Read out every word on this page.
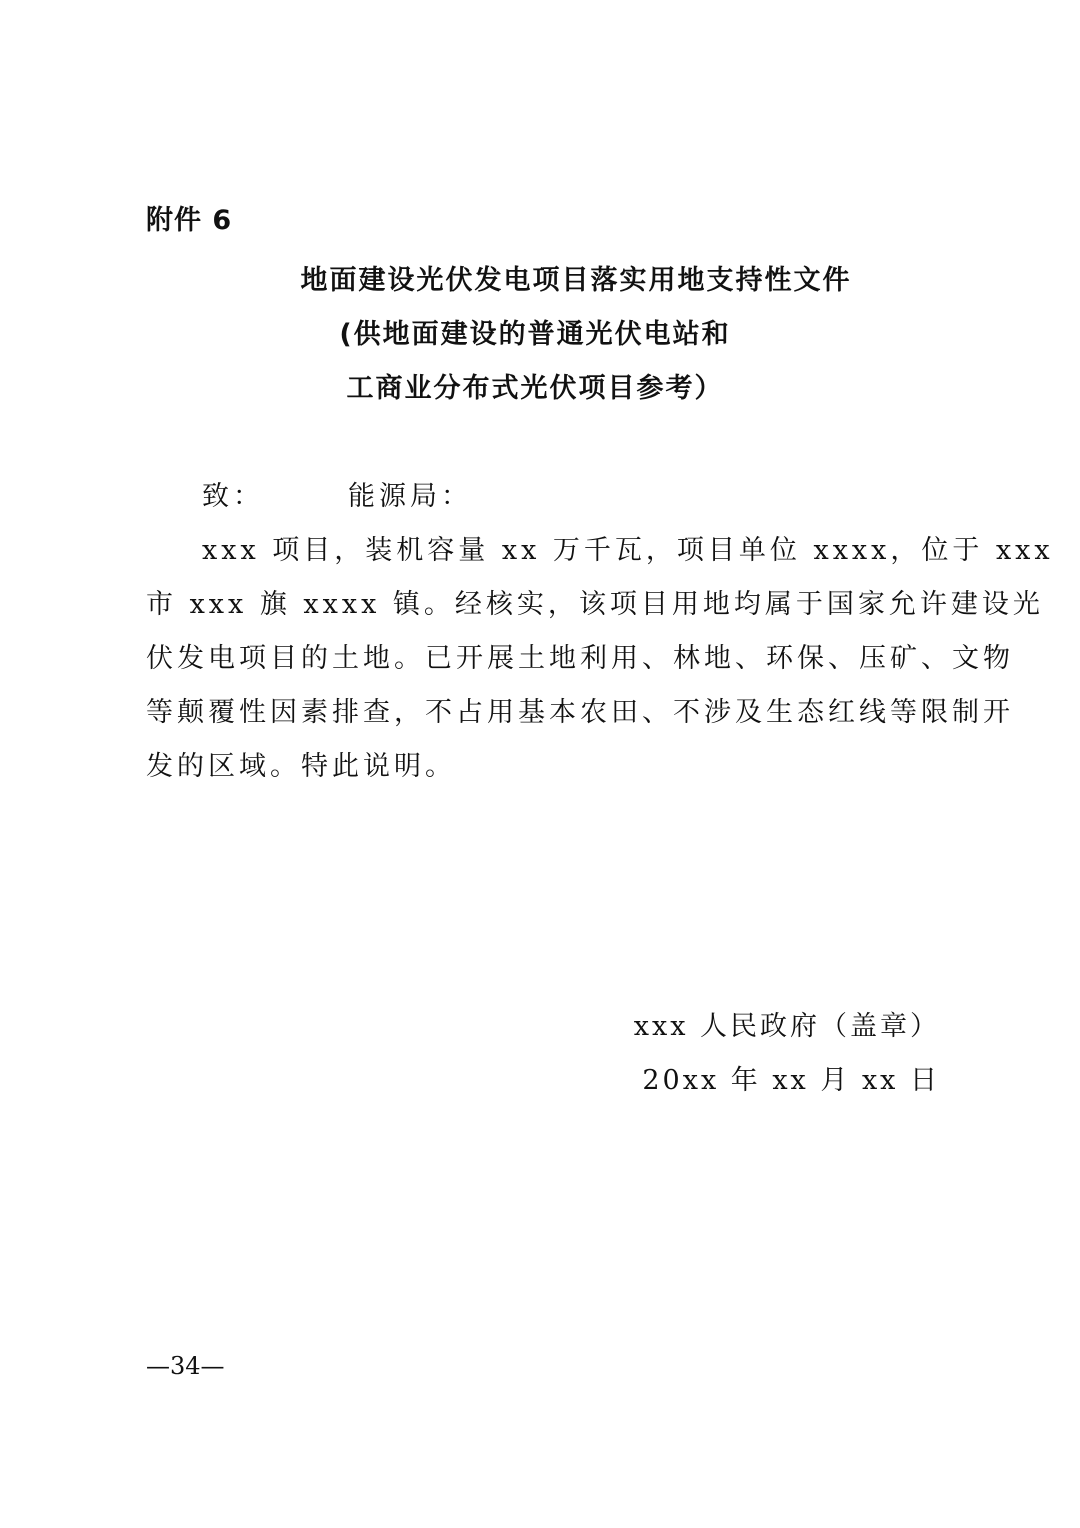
附件 6
地面建设光伏发电项目落实用地支持性文件
(供地面建设的普通光伏电站和
工商业分布式光伏项目参考）
致：	能源局：
xxx 项目，装机容量 xx 万千瓦，项目单位 xxxx，位于 xxx
市 xxx 旗 xxxx 镇。经核实，该项目用地均属于国家允许建设光
伏发电项目的土地。已开展土地利用、林地、环保、压矿、文物
等颠覆性因素排查，不占用基本农田、不涉及生态红线等限制开
发的区域。特此说明。
xxx 人民政府（盖章）
20xx 年 xx 月 xx 日
—34—
